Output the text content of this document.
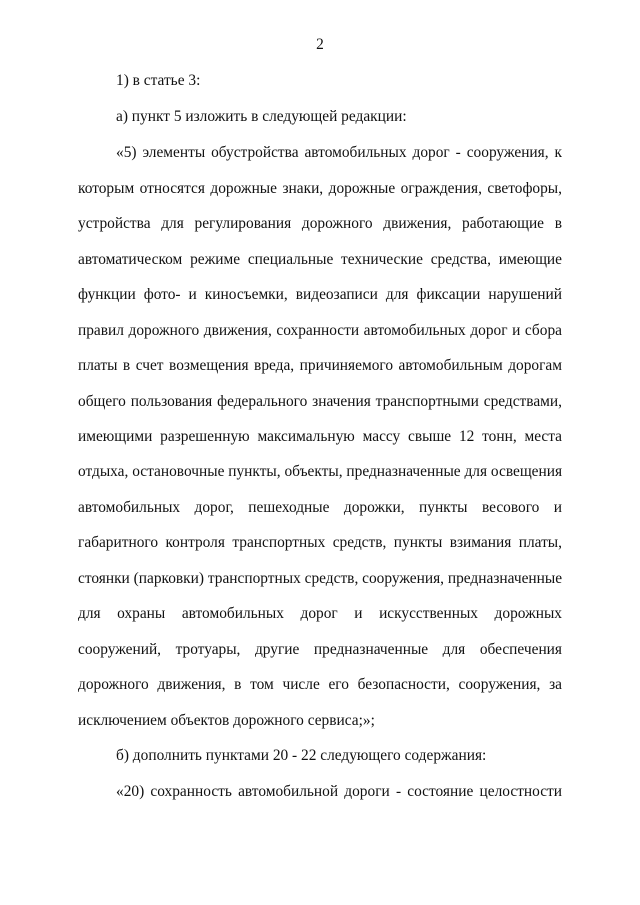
2
1) в статье 3:
а) пункт 5 изложить в следующей редакции:
«5) элементы обустройства автомобильных дорог - сооружения, к
которым относятся дорожные знаки, дорожные ограждения, светофоры,
устройства для регулирования дорожного движения, работающие в
автоматическом режиме специальные технические средства, имеющие
функции фото- и киносъемки, видеозаписи для фиксации нарушений
правил дорожного движения, сохранности автомобильных дорог и сбора
платы в счет возмещения вреда, причиняемого автомобильным дорогам
общего пользования федерального значения транспортными средствами,
имеющими разрешенную максимальную массу свыше 12 тонн, места
отдыха, остановочные пункты, объекты, предназначенные для освещения
автомобильных дорог, пешеходные дорожки, пункты весового и
габаритного контроля транспортных средств, пункты взимания платы,
стоянки (парковки) транспортных средств, сооружения, предназначенные
для охраны автомобильных дорог и искусственных дорожных
сооружений, тротуары, другие предназначенные для обеспечения
дорожного движения, в том числе его безопасности, сооружения, за
исключением объектов дорожного сервиса;»;
б) дополнить пунктами 20 - 22 следующего содержания:
«20) сохранность автомобильной дороги - состояние целостности
